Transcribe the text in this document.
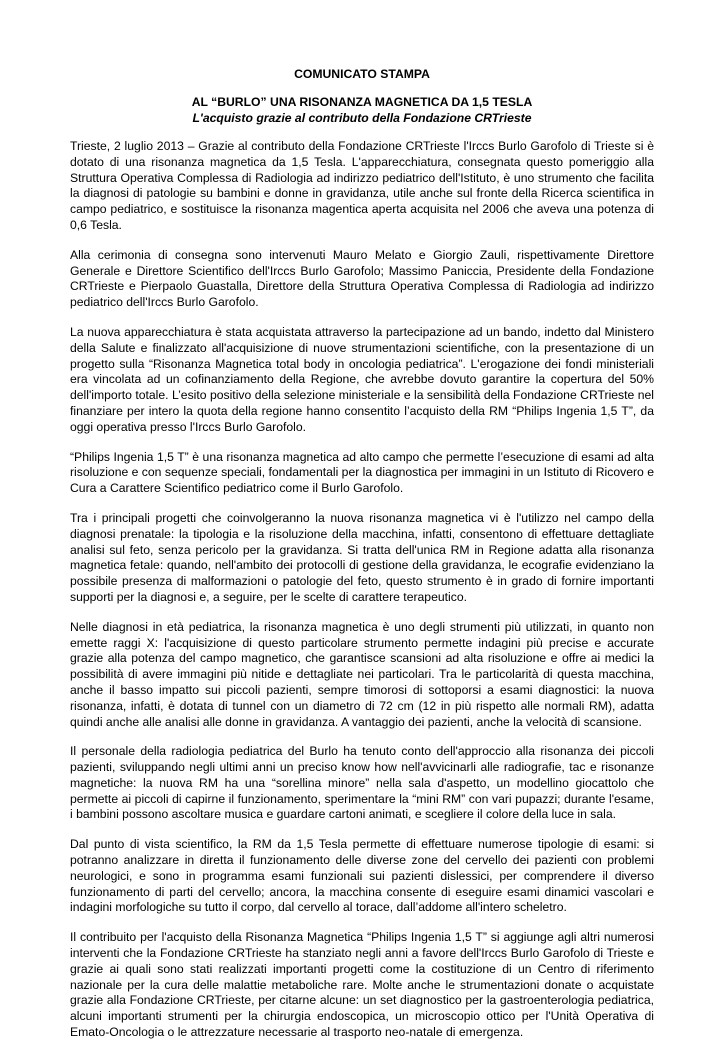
COMUNICATO STAMPA

AL “BURLO” UNA RISONANZA MAGNETICA DA 1,5 TESLA

L'acquisto grazie al contributo della Fondazione CRTrieste

Trieste, 2 luglio 2013 – Grazie al contributo della Fondazione CRTrieste l'Irccs Burlo Garofolo di Trieste si è dotato di una risonanza magnetica da 1,5 Tesla. L'apparecchiatura, consegnata questo pomeriggio alla Struttura Operativa Complessa di Radiologia ad indirizzo pediatrico dell'Istituto, è uno strumento che facilita la diagnosi di patologie su bambini e donne in gravidanza, utile anche sul fronte della Ricerca scientifica in campo pediatrico, e sostituisce la risonanza magentica aperta acquisita nel 2006 che aveva una potenza di 0,6 Tesla.

Alla cerimonia di consegna sono intervenuti Mauro Melato e Giorgio Zauli, rispettivamente Direttore Generale e Direttore Scientifico dell'Irccs Burlo Garofolo; Massimo Paniccia, Presidente della Fondazione CRTrieste e Pierpaolo Guastalla, Direttore della Struttura Operativa Complessa di Radiologia ad indirizzo pediatrico dell'Irccs Burlo Garofolo.

La nuova apparecchiatura è stata acquistata attraverso la partecipazione ad un bando, indetto dal Ministero della Salute e finalizzato all'acquisizione di nuove strumentazioni scientifiche, con la presentazione di un progetto sulla “Risonanza Magnetica total body in oncologia pediatrica”. L'erogazione dei fondi ministeriali era vincolata ad un cofinanziamento della Regione, che avrebbe dovuto garantire la copertura del 50% dell'importo totale. L’esito positivo della selezione ministeriale e la sensibilità della Fondazione CRTrieste nel finanziare per intero la quota della regione hanno consentito l’acquisto della RM “Philips Ingenia 1,5 T”, da oggi operativa presso l'Irccs Burlo Garofolo.

“Philips Ingenia 1,5 T” è una risonanza magnetica ad alto campo che permette l’esecuzione di esami ad alta risoluzione e con sequenze speciali, fondamentali per la diagnostica per immagini in un Istituto di Ricovero e Cura a Carattere Scientifico pediatrico come il Burlo Garofolo.

Tra i principali progetti che coinvolgeranno la nuova risonanza magnetica vi è l'utilizzo nel campo della diagnosi prenatale: la tipologia e la risoluzione della macchina, infatti, consentono di effettuare dettagliate analisi sul feto, senza pericolo per la gravidanza. Si tratta dell'unica RM in Regione adatta alla risonanza magnetica fetale: quando, nell'ambito dei protocolli di gestione della gravidanza, le ecografie evidenziano la possibile presenza di malformazioni o patologie del feto, questo strumento è in grado di fornire importanti supporti per la diagnosi e, a seguire, per le scelte di carattere terapeutico.

Nelle diagnosi in età pediatrica, la risonanza magnetica è uno degli strumenti più utilizzati, in quanto non emette raggi X: l'acquisizione di questo particolare strumento permette indagini più precise e accurate grazie alla potenza del campo magnetico, che garantisce scansioni ad alta risoluzione e offre ai medici la possibilità di avere immagini più nitide e dettagliate nei particolari. Tra le particolarità di questa macchina, anche il basso impatto sui piccoli pazienti, sempre timorosi di sottoporsi a esami diagnostici: la nuova risonanza, infatti, è dotata di tunnel con un diametro di 72 cm (12 in più rispetto alle normali RM), adatta quindi anche alle analisi alle donne in gravidanza. A vantaggio dei pazienti, anche la velocità di scansione.

Il personale della radiologia pediatrica del Burlo ha tenuto conto dell'approccio alla risonanza dei piccoli pazienti, sviluppando negli ultimi anni un preciso know how nell'avvicinarli alle radiografie, tac e risonanze magnetiche: la nuova RM ha una “sorellina minore” nella sala d'aspetto, un modellino giocattolo che permette ai piccoli di capirne il funzionamento, sperimentare la “mini RM” con vari pupazzi; durante l'esame, i bambini possono ascoltare musica e guardare cartoni animati, e scegliere il colore della luce in sala.

Dal punto di vista scientifico, la RM da 1,5 Tesla permette di effettuare numerose tipologie di esami: si potranno analizzare in diretta il funzionamento delle diverse zone del cervello dei pazienti con problemi neurologici, e sono in programma esami funzionali sui pazienti dislessici, per comprendere il diverso funzionamento di parti del cervello; ancora, la macchina consente di eseguire esami dinamici vascolari e indagini morfologiche su tutto il corpo, dal cervello al torace, dall’addome all'intero scheletro.

Il contribuito per l'acquisto della Risonanza Magnetica “Philips Ingenia 1,5 T” si aggiunge agli altri numerosi interventi che la Fondazione CRTrieste ha stanziato negli anni a favore dell'Irccs Burlo Garofolo di Trieste e grazie ai quali sono stati realizzati importanti progetti come la costituzione di un Centro di riferimento nazionale per la cura delle malattie metaboliche rare. Molte anche le strumentazioni donate o acquistate grazie alla Fondazione CRTrieste, per citarne alcune: un set diagnostico per la gastroenterologia pediatrica, alcuni importanti strumenti per la chirurgia endoscopica, un microscopio ottico per l'Unità Operativa di Emato-Oncologia o le attrezzature necessarie al trasporto neo-natale di emergenza.
